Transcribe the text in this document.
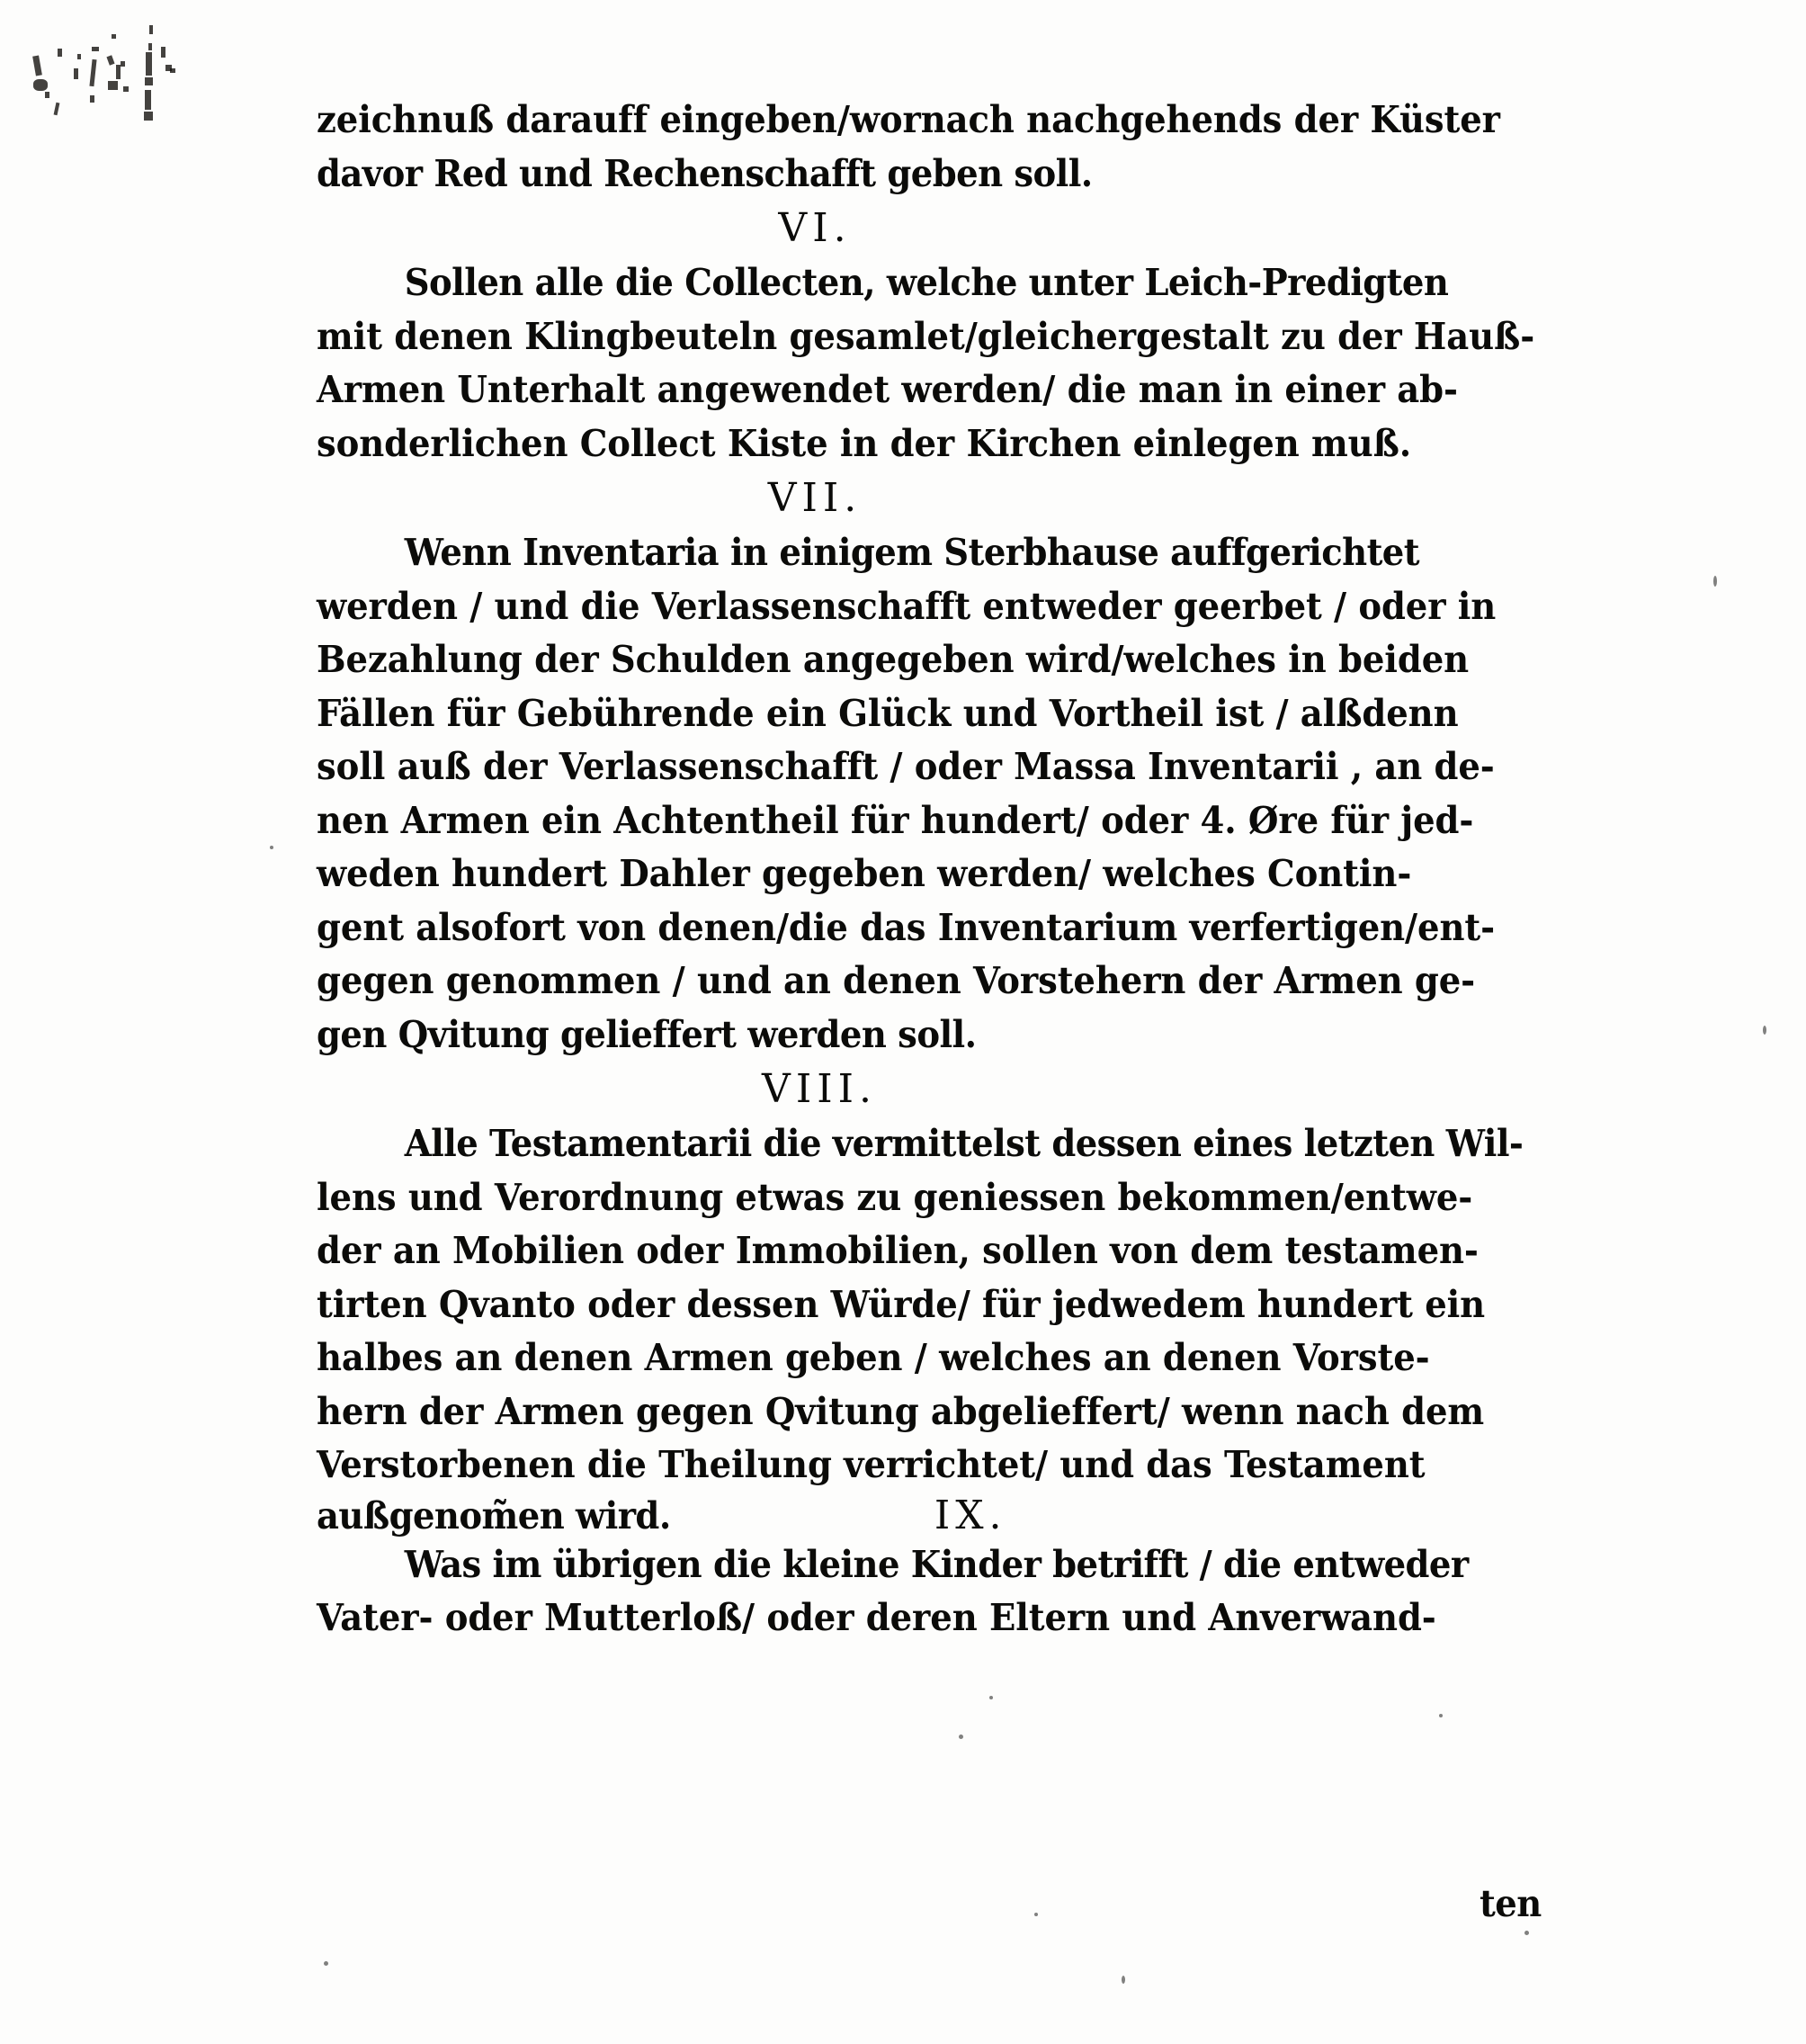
zeichnuß darauff eingeben/wornach nachgehends der Küster
davor Red und Rechenschafft geben soll.
VI.
Sollen alle die Collecten, welche unter Leich-Predigten
mit denen Klingbeuteln gesamlet/gleichergestalt zu der Hauß-
Armen Unterhalt angewendet werden/ die man in einer ab-
sonderlichen Collect Kiste in der Kirchen einlegen muß.
VII.
Wenn Inventaria in einigem Sterbhause auffgerichtet
werden / und die Verlassenschafft entweder geerbet / oder in
Bezahlung der Schulden angegeben wird/welches in beiden
Fällen für Gebührende ein Glück und Vortheil ist / alßdenn
soll auß der Verlassenschafft / oder Massa Inventarii , an de-
nen Armen ein Achtentheil für hundert/ oder 4. Øre für jed-
weden hundert Dahler gegeben werden/ welches Contin-
gent alsofort von denen/die das Inventarium verfertigen/ent-
gegen genommen / und an denen Vorstehern der Armen ge-
gen Qvitung gelieffert werden soll.
VIII.
Alle Testamentarii die vermittelst dessen eines letzten Wil-
lens und Verordnung etwas zu geniessen bekommen/entwe-
der an Mobilien oder Immobilien, sollen von dem testamen-
tirten Qvanto oder dessen Würde/ für jedwedem hundert ein
halbes an denen Armen geben / welches an denen Vorste-
hern der Armen gegen Qvitung abgelieffert/ wenn nach dem
Verstorbenen die Theilung verrichtet/ und das Testament
außgenom̃en wird.	IX.
Was im übrigen die kleine Kinder betrifft / die entweder
Vater- oder Mutterloß/ oder deren Eltern und Anverwand-
ten
